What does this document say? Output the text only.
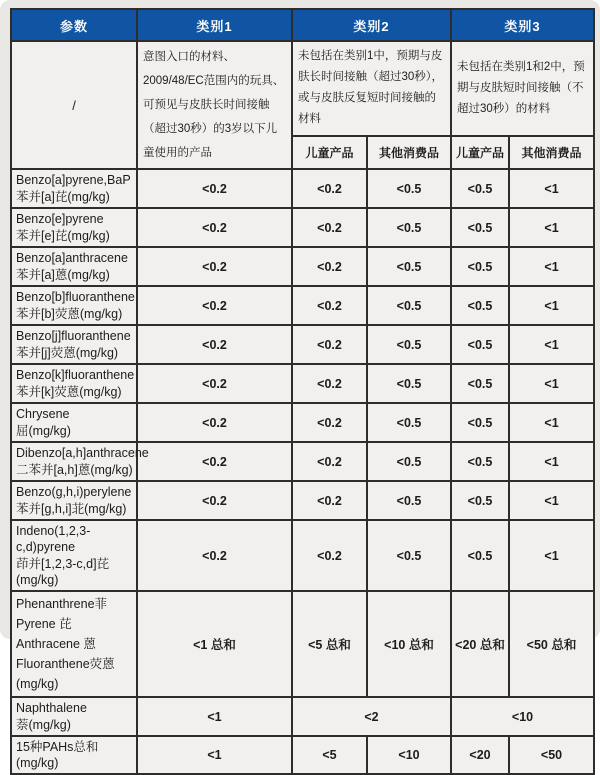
参数	类别1	类别2		类别3	
/	意图入口的材料、2009/48/EC范围内的玩具、可预见与皮肤长时间接触（超过30秒）的3岁以下儿童使用的产品	未包括在类别1中，预期与皮肤长时间接触（超过30秒），或与皮肤反复短时间接触的材料		未包括在类别1和2中，预期与皮肤短时间接触（不超过30秒）的材料	
		儿童产品	其他消费品	儿童产品	其他消费品

Benzo[a]pyrene,BaP
苯并[a]芘(mg/kg)	<0.2	<0.2	<0.5	<0.5	<1

Benzo[e]pyrene
苯并[e]芘(mg/kg)	<0.2	<0.2	<0.5	<0.5	<1

Benzo[a]anthracene
苯并[a]蒽(mg/kg)	<0.2	<0.2	<0.5	<0.5	<1

Benzo[b]fluoranthene
苯并[b]荧蒽(mg/kg)	<0.2	<0.2	<0.5	<0.5	<1

Benzo[j]fluoranthene
苯并[j]荧蒽(mg/kg)	<0.2	<0.2	<0.5	<0.5	<1

Benzo[k]fluoranthene
苯并[k]荧蒽(mg/kg)	<0.2	<0.2	<0.5	<0.5	<1

Chrysene
屈(mg/kg)	<0.2	<0.2	<0.5	<0.5	<1

Dibenzo[a,h]anthracene
二苯并[a,h]蒽(mg/kg)	<0.2	<0.2	<0.5	<0.5	<1

Benzo(g,h,i)perylene
苯并[g,h,i]苝(mg/kg)	<0.2	<0.2	<0.5	<0.5	<1

Indeno(1,2,3-c,d)pyrene
茚并[1,2,3-c,d]芘(mg/kg)	<0.2	<0.2	<0.5	<0.5	<1

Phenanthrene菲
Pyrene 芘
Anthracene 蒽
Fluoranthene荧蒽(mg/kg)	<1 总和	<5 总和	<10 总和	<20 总和	<50 总和

Naphthalene
萘(mg/kg)	<1	<2		<10	
15种PAHs总和(mg/kg)	<1	<5	<10	<20	<50
